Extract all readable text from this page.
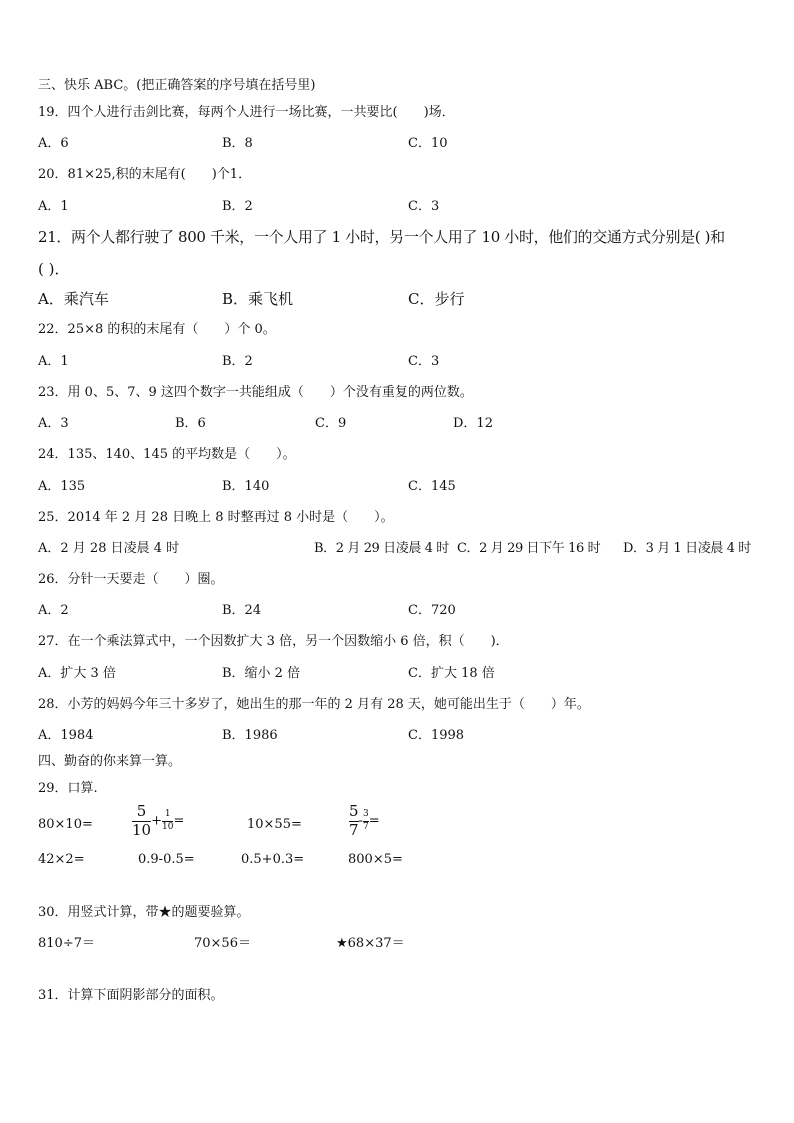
三、快乐 ABC。(把正确答案的序号填在括号里)
19．四个人进行击剑比赛，每两个人进行一场比赛，一共要比(　　)场．
A．6	B．8	C．10
20．81×25,积的末尾有(　　)个1．
A．1	B．2	C．3
21．两个人都行驶了 800 千米，一个人用了 1 小时，另一个人用了 10 小时，他们的交通方式分别是( )和
( )．
A．乘汽车	B．乘飞机	C．步行
22．25×8 的积的末尾有（　　）个 0。
A．1	B．2	C．3
23．用 0、5、7、9 这四个数字一共能组成（　　）个没有重复的两位数。
A．3	B．6	C．9	D．12
24．135、140、145 的平均数是（　　）。
A．135	B．140	C．145
25．2014 年 2 月 28 日晚上 8 时整再过 8 小时是（　　）。
A．2 月 28 日凌晨 4 时	B．2 月 29 日凌晨 4 时 C．2 月 29 日下午 16 时 D．3 月 1 日凌晨 4 时
26．分针一天要走（　　）圈。
A．2	B．24	C．720
27．在一个乘法算式中，一个因数扩大 3 倍，另一个因数缩小 6 倍，积（　　)．
A．扩大 3 倍	B．缩小 2 倍	C．扩大 18 倍
28．小芳的妈妈今年三十多岁了，她出生的那一年的 2 月有 28 天，她可能出生于（　　）年。
A．1984	B．1986	C．1998
四、勤奋的你来算一算。
29．口算.
80×10=	$\frac{5}{10} + \frac{1}{10}$ =	10×55=	$\frac{5}{7} - \frac{3}{7}$ =
42×2=	0.9-0.5=	0.5+0.3=	800×5=
30．用竖式计算，带★的题要验算。
810÷7＝	70×56＝	★68×37＝
31．计算下面阴影部分的面积。
